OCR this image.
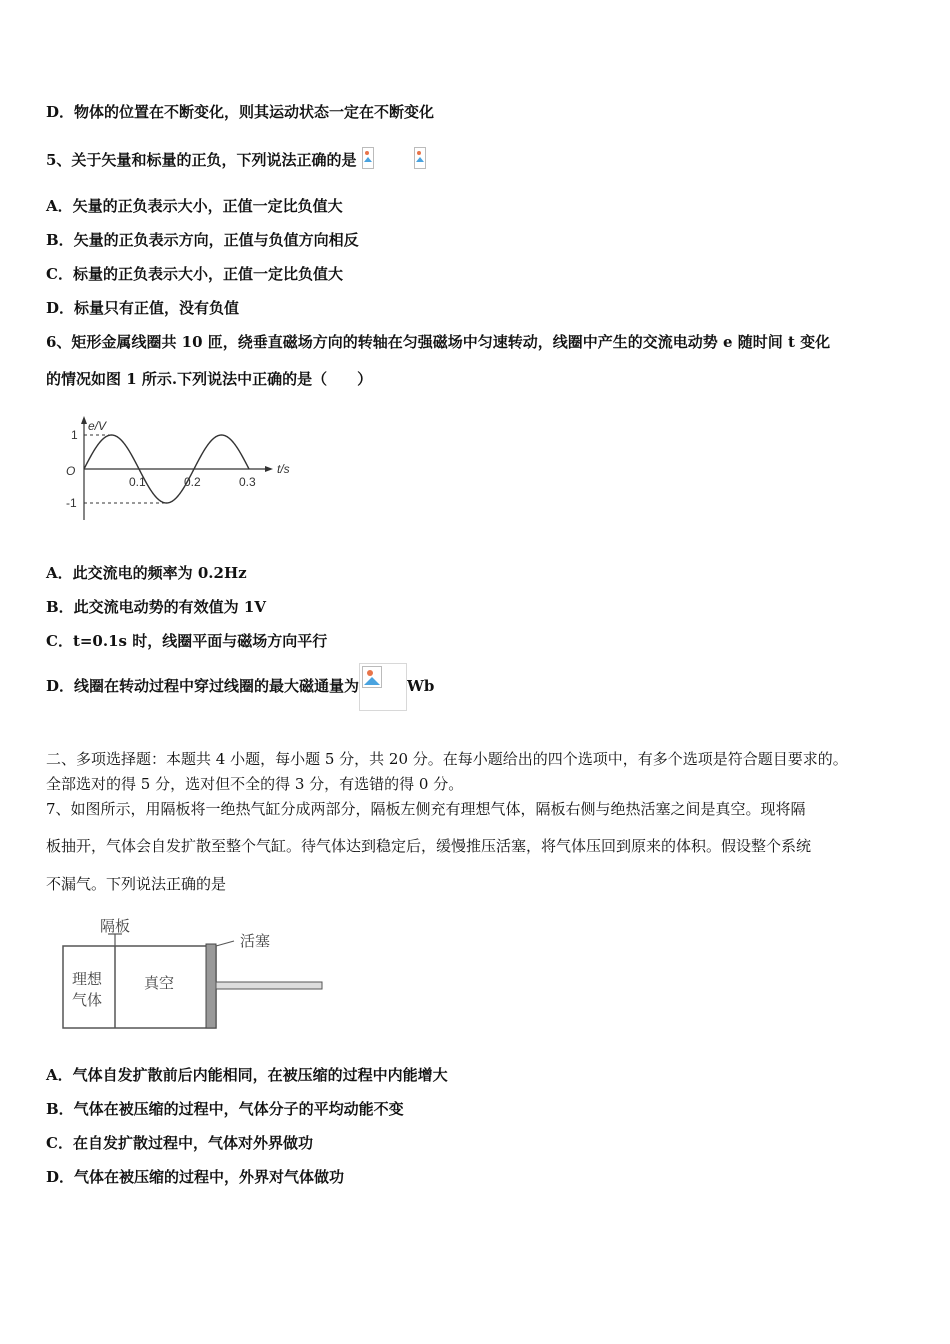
D．物体的位置在不断变化，则其运动状态一定在不断变化
5、关于矢量和标量的正负，下列说法正确的是

A．矢量的正负表示大小，正值一定比负值大
B．矢量的正负表示方向，正值与负值方向相反
C．标量的正负表示大小，正值一定比负值大
D．标量只有正值，没有负值
6、矩形金属线圈共 10 匝，绕垂直磁场方向的转轴在匀强磁场中匀速转动，线圈中产生的交流电动势 e 随时间 t 变化
的情况如图 1 所示.下列说法中正确的是（　　）
e/V
t/s
O
1
-1
0.1	0.2	0.3
A．此交流电的频率为 0.2Hz
B．此交流电动势的有效值为 1V
C．t=0.1s 时，线圈平面与磁场方向平行
D．线圈在转动过程中穿过线圈的最大磁通量为	Wb
二、多项选择题：本题共 4 小题，每小题 5 分，共 20 分。在每小题给出的四个选项中，有多个选项是符合题目要求的。
全部选对的得 5 分，选对但不全的得 3 分，有选错的得 0 分。
7、如图所示，用隔板将一绝热气缸分成两部分，隔板左侧充有理想气体，隔板右侧与绝热活塞之间是真空。现将隔
板抽开，气体会自发扩散至整个气缸。待气体达到稳定后，缓慢推压活塞，将气体压回到原来的体积。假设整个系统
不漏气。下列说法正确的是
隔板
活塞
理想
气体
真空
A．气体自发扩散前后内能相同，在被压缩的过程中内能增大
B．气体在被压缩的过程中，气体分子的平均动能不变
C．在自发扩散过程中，气体对外界做功
D．气体在被压缩的过程中，外界对气体做功
